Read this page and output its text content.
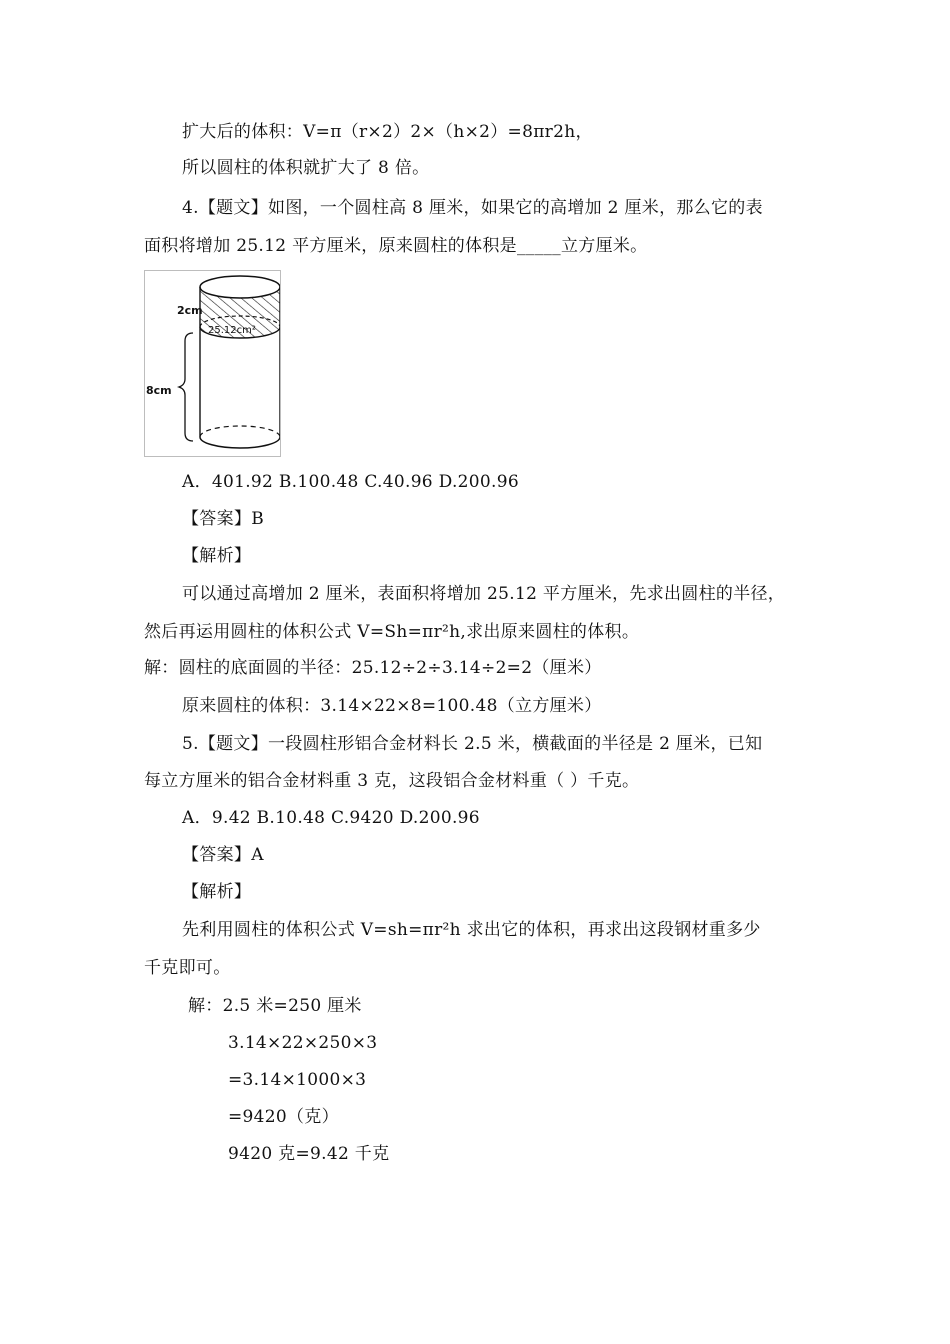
扩大后的体积：V=π（r×2）2×（h×2）=8πr2h，
所以圆柱的体积就扩大了 8 倍。
4.【题文】如图，一个圆柱高 8 厘米，如果它的高增加 2 厘米，那么它的表
面积将增加 25.12 平方厘米，原来圆柱的体积是_____立方厘米。
2cm
25.12cm²
8cm
A．401.92 B.100.48 C.40.96 D.200.96
【答案】B
【解析】
可以通过高增加 2 厘米，表面积将增加 25.12 平方厘米，先求出圆柱的半径，
然后再运用圆柱的体积公式 V=Sh=πr²h,求出原来圆柱的体积。
解：圆柱的底面圆的半径：25.12÷2÷3.14÷2=2（厘米）
原来圆柱的体积：3.14×22×8=100.48（立方厘米）
5.【题文】一段圆柱形铝合金材料长 2.5 米，横截面的半径是 2 厘米，已知
每立方厘米的铝合金材料重 3 克，这段铝合金材料重（ ）千克。
A．9.42 B.10.48 C.9420 D.200.96
【答案】A
【解析】
先利用圆柱的体积公式 V=sh=πr²h 求出它的体积，再求出这段钢材重多少
千克即可。
解：2.5 米=250 厘米
3.14×22×250×3
=3.14×1000×3
=9420（克）
9420 克=9.42 千克
